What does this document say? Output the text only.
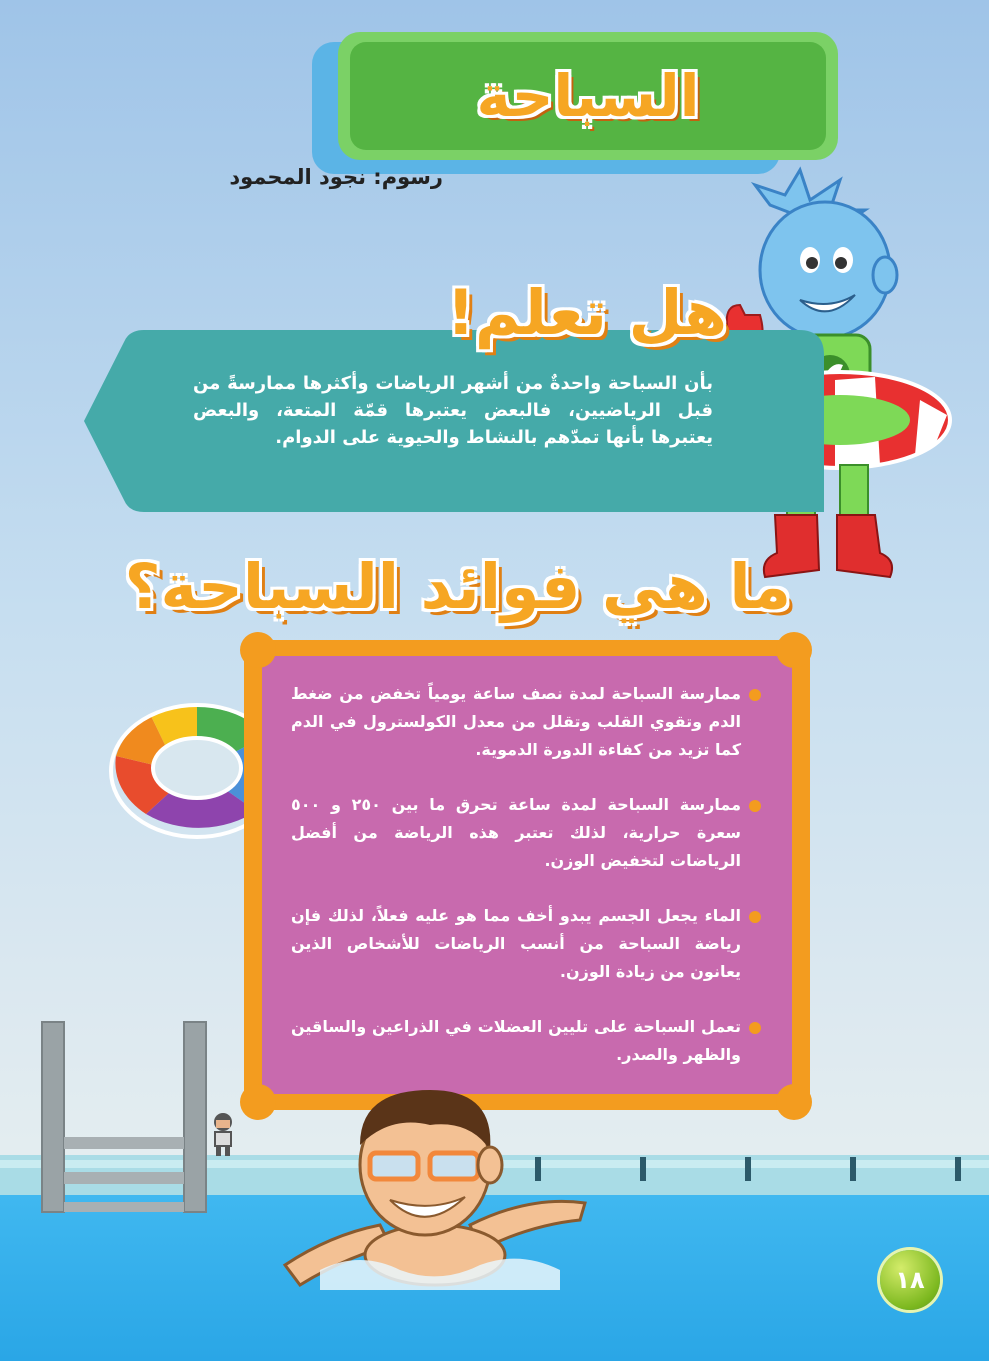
السباحة
رسوم: نجود المحمود
هل تعلم!
بأن السباحة واحدةٌ من أشهر الرياضات وأكثرها ممارسةً من قبل الرياضيين، فالبعض يعتبرها قمّة المتعة، والبعض يعتبرها بأنها تمدّهم بالنشاط والحيوية على الدوام.
ما هي فوائد السباحة؟
ممارسة السباحة لمدة نصف ساعة يومياً تخفض من ضغط الدم وتقوي القلب وتقلل من معدل الكولسترول في الدم كما تزيد من كفاءة الدورة الدموية.
ممارسة السباحة لمدة ساعة تحرق ما بين ٢٥٠ و ٥٠٠ سعرة حرارية، لذلك تعتبر هذه الرياضة من أفضل الرياضات لتخفيض الوزن.
الماء يجعل الجسم يبدو أخف مما هو عليه فعلاً، لذلك فإن رياضة السباحة من أنسب الرياضات للأشخاص الذين يعانون من زيادة الوزن.
تعمل السباحة على تليين العضلات في الذراعين والساقين والظهر والصدر.
١٨
